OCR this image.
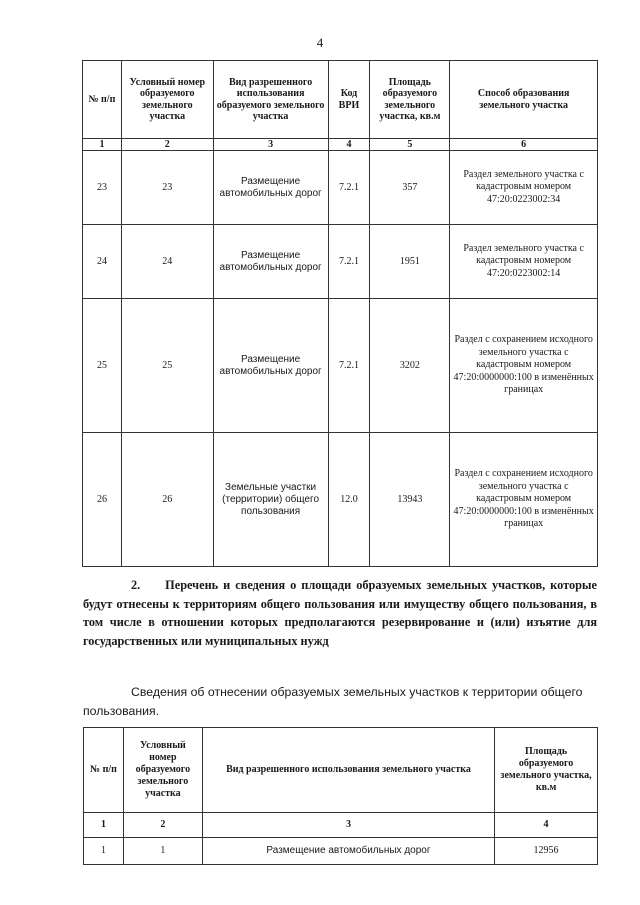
4
№ п/п	Условный номер образуемого земельного участка	Вид разрешенного использования образуемого земельного участка	Код ВРИ	Площадь образуемого земельного участка, кв.м	Способ образования земельного участка
1	2	3	4	5	6
23	23	Размещение автомобильных дорог	7.2.1	357	Раздел земельного участка с кадастровым номером 47:20:0223002:34
24	24	Размещение автомобильных дорог	7.2.1	1951	Раздел земельного участка с кадастровым номером 47:20:0223002:14
25	25	Размещение автомобильных дорог	7.2.1	3202	Раздел с сохранением исходного земельного участка с кадастровым номером 47:20:0000000:100 в изменённых границах
26	26	Земельные участки (территории) общего пользования	12.0	13943	Раздел с сохранением исходного земельного участка с кадастровым номером 47:20:0000000:100 в изменённых границах
2. Перечень и сведения о площади образуемых земельных участков, которые будут отнесены к территориям общего пользования или имуществу общего пользования, в том числе в отношении которых предполагаются резервирование и (или) изъятие для государственных или муниципальных нужд
Сведения об отнесении образуемых земельных участков к территории общего пользования.
№ п/п	Условный номер образуемого земельного участка	Вид разрешенного использования земельного участка	Площадь образуемого земельного участка, кв.м
1	2	3	4
1	1	Размещение автомобильных дорог	12956
